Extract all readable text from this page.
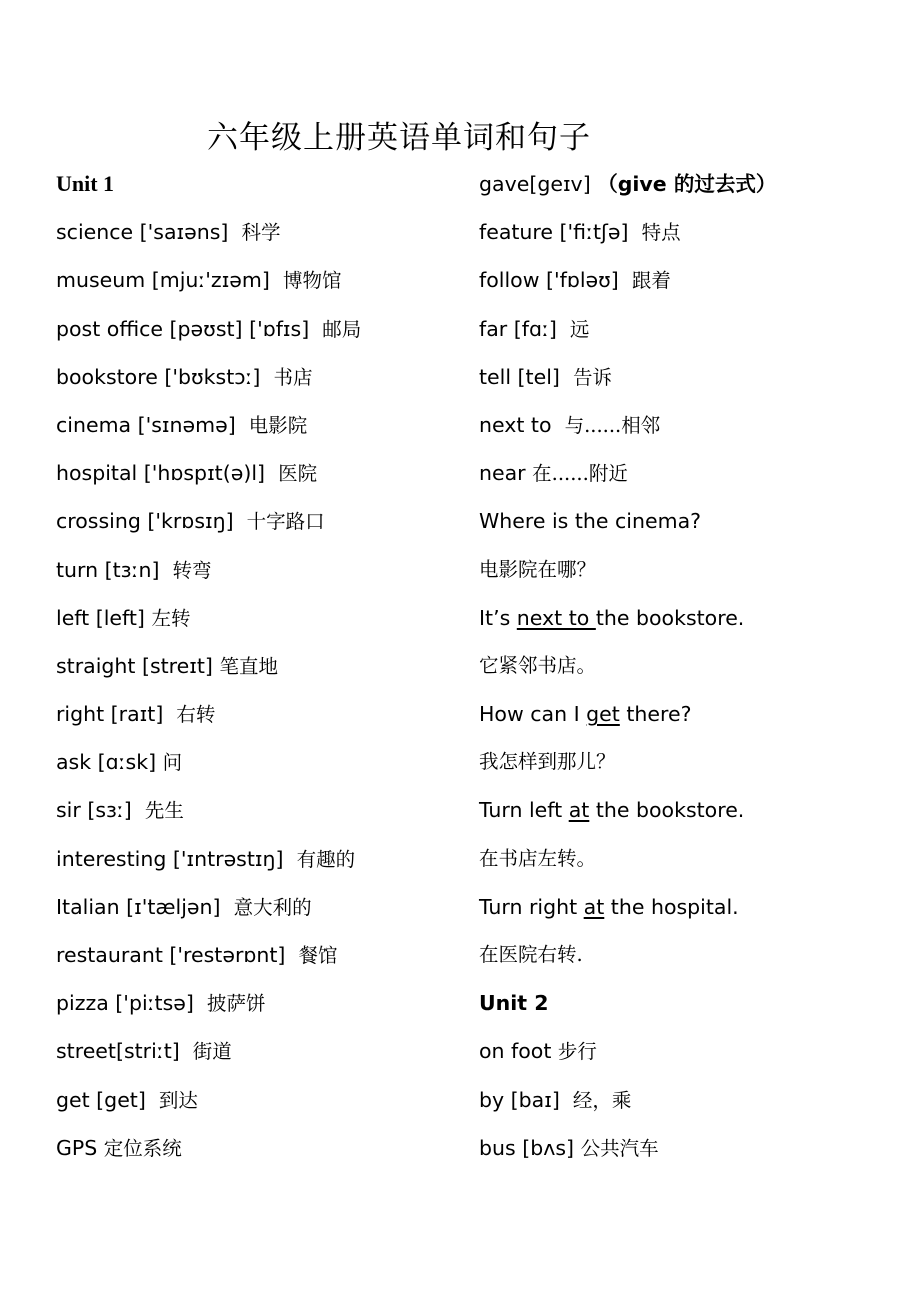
六年级上册英语单词和句子
Unit 1
science ['saɪəns] 科学
museum [mjuː'zɪəm] 博物馆
post office [pəʊst] ['ɒfɪs] 邮局
bookstore ['bʊkstɔː] 书店
cinema ['sɪnəmə] 电影院
hospital ['hɒspɪt(ə)l] 医院
crossing ['krɒsɪŋ] 十字路口
turn [tɜːn] 转弯
left [left] 左转
straight [streɪt] 笔直地
right [raɪt] 右转
ask [ɑːsk] 问
sir [sɜː] 先生
interesting ['ɪntrəstɪŋ] 有趣的
Italian [ɪ'tæljən] 意大利的
restaurant ['restərɒnt] 餐馆
pizza ['piːtsə] 披萨饼
street[striːt] 街道
get [get] 到达
GPS 定位系统
gave[geɪv] （give 的过去式）
feature ['fiːtʃə] 特点
follow ['fɒləʊ] 跟着
far [fɑː] 远
tell [tel] 告诉
next to 与......相邻
near 在......附近
Where is the cinema?
电影院在哪？
It’s next to the bookstore.
它紧邻书店。
How can I get there?
我怎样到那儿？
Turn left at the bookstore.
在书店左转。
Turn right at the hospital.
在医院右转.
Unit 2
on foot 步行
by [baɪ] 经，乘
bus [bʌs] 公共汽车
